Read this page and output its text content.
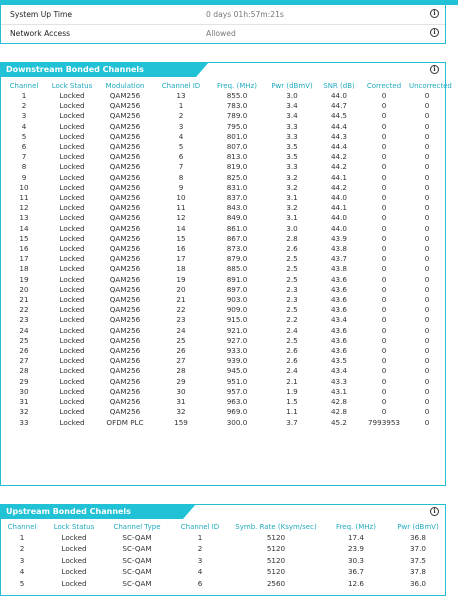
System Up Time	0 days 01h:57m:21s	i
Network Access	Allowed	i
Downstream Bonded Channels	i
Channel	Lock Status	Modulation	Channel ID	Freq. (MHz)	Pwr (dBmV)	SNR (dB)	Corrected	Uncorrected
1	Locked	QAM256	13	855.0	3.0	44.0	0	0
2	Locked	QAM256	1	783.0	3.4	44.7	0	0
3	Locked	QAM256	2	789.0	3.4	44.5	0	0
4	Locked	QAM256	3	795.0	3.3	44.4	0	0
5	Locked	QAM256	4	801.0	3.3	44.3	0	0
6	Locked	QAM256	5	807.0	3.5	44.4	0	0
7	Locked	QAM256	6	813.0	3.5	44.2	0	0
8	Locked	QAM256	7	819.0	3.3	44.2	0	0
9	Locked	QAM256	8	825.0	3.2	44.1	0	0
10	Locked	QAM256	9	831.0	3.2	44.2	0	0
11	Locked	QAM256	10	837.0	3.1	44.0	0	0
12	Locked	QAM256	11	843.0	3.2	44.1	0	0
13	Locked	QAM256	12	849.0	3.1	44.0	0	0
14	Locked	QAM256	14	861.0	3.0	44.0	0	0
15	Locked	QAM256	15	867.0	2.8	43.9	0	0
16	Locked	QAM256	16	873.0	2.6	43.8	0	0
17	Locked	QAM256	17	879.0	2.5	43.7	0	0
18	Locked	QAM256	18	885.0	2.5	43.8	0	0
19	Locked	QAM256	19	891.0	2.5	43.6	0	0
20	Locked	QAM256	20	897.0	2.3	43.6	0	0
21	Locked	QAM256	21	903.0	2.3	43.6	0	0
22	Locked	QAM256	22	909.0	2.5	43.6	0	0
23	Locked	QAM256	23	915.0	2.2	43.4	0	0
24	Locked	QAM256	24	921.0	2.4	43.6	0	0
25	Locked	QAM256	25	927.0	2.5	43.6	0	0
26	Locked	QAM256	26	933.0	2.6	43.6	0	0
27	Locked	QAM256	27	939.0	2.6	43.5	0	0
28	Locked	QAM256	28	945.0	2.4	43.4	0	0
29	Locked	QAM256	29	951.0	2.1	43.3	0	0
30	Locked	QAM256	30	957.0	1.9	43.1	0	0
31	Locked	QAM256	31	963.0	1.5	42.8	0	0
32	Locked	QAM256	32	969.0	1.1	42.8	0	0
33	Locked	OFDM PLC	159	300.0	3.7	45.2	7993953	0
Upstream Bonded Channels	i
Channel	Lock Status	Channel Type	Channel ID	Symb. Rate (Ksym/sec)	Freq. (MHz)	Pwr (dBmV)
1	Locked	SC-QAM	1	5120	17.4	36.8
2	Locked	SC-QAM	2	5120	23.9	37.0
3	Locked	SC-QAM	3	5120	30.3	37.5
4	Locked	SC-QAM	4	5120	36.7	37.8
5	Locked	SC-QAM	6	2560	12.6	36.0
